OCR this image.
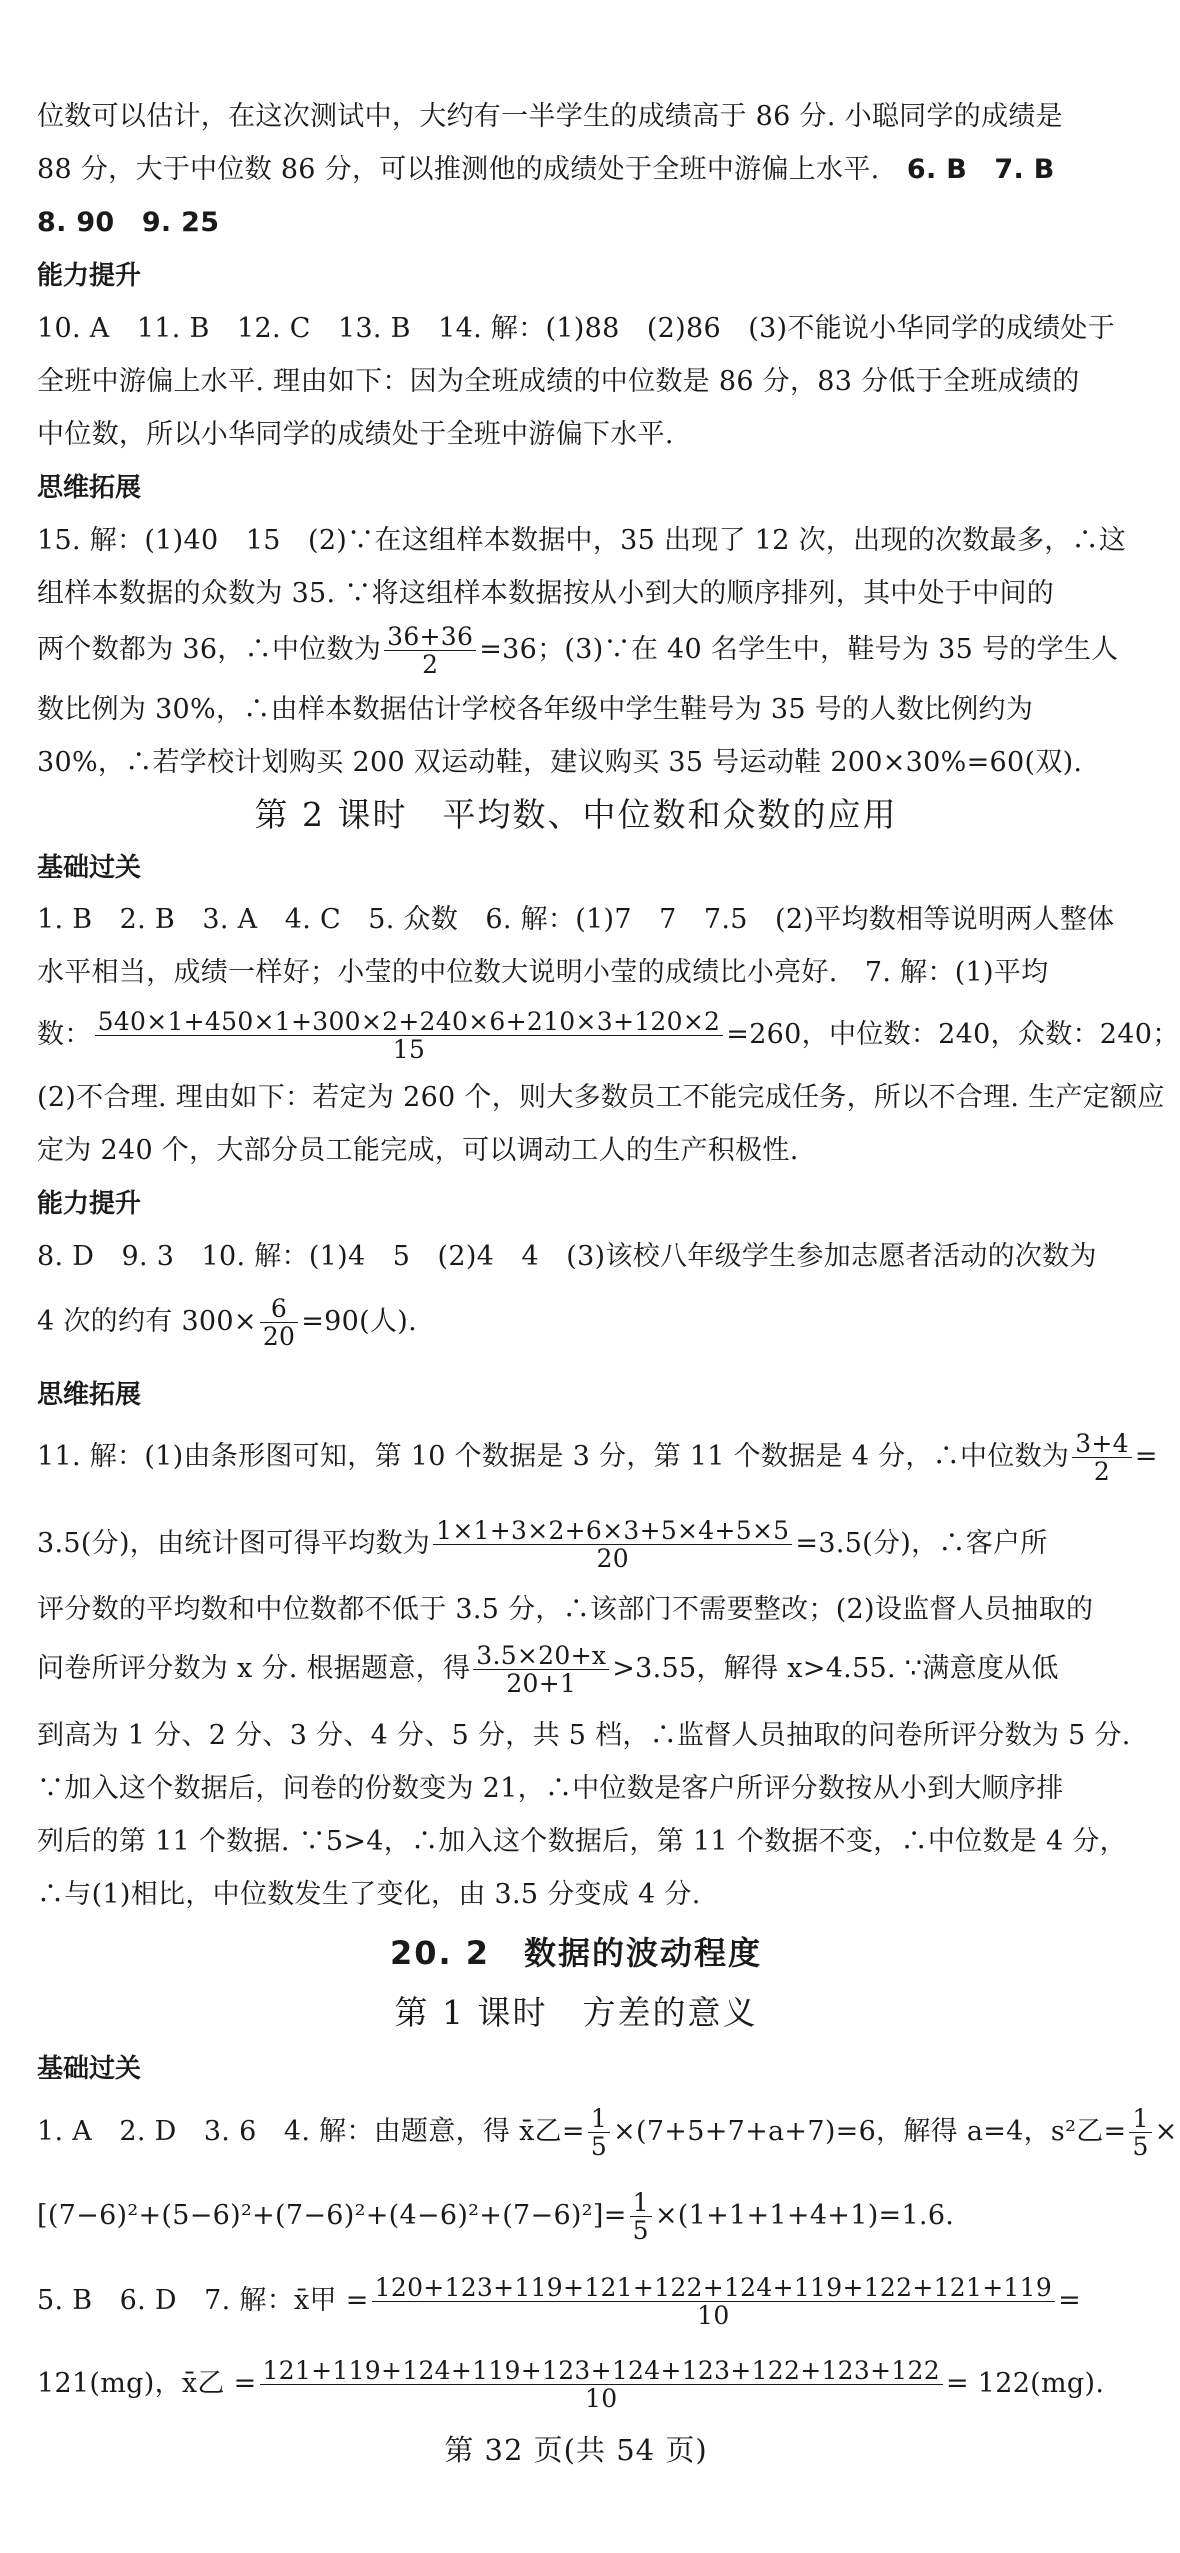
位数可以估计，在这次测试中，大约有一半学生的成绩高于 86 分. 小聪同学的成绩是
88 分，大于中位数 86 分，可以推测他的成绩处于全班中游偏上水平.　 6. B　7. B
8. 90　9. 25
能力提升
10. A　11. B　12. C　13. B　14. 解：(1)88　(2)86　(3)不能说小华同学的成绩处于
全班中游偏上水平. 理由如下：因为全班成绩的中位数是 86 分，83 分低于全班成绩的
中位数，所以小华同学的成绩处于全班中游偏下水平.
思维拓展
15. 解：(1)40　15　(2)∵在这组样本数据中，35 出现了 12 次，出现的次数最多，∴这
组样本数据的众数为 35. ∵将这组样本数据按从小到大的顺序排列，其中处于中间的
两个数都为 36，∴中位数为 $\frac{36+36}{2} =36$；(3)∵在 40 名学生中，鞋号为 35 号的学生人
数比例为 30%，∴由样本数据估计学校各年级中学生鞋号为 35 号的人数比例约为
30%，∴若学校计划购买 200 双运动鞋，建议购买 35 号运动鞋 200×30%=60(双).
第 2 课时　平均数、中位数和众数的应用
基础过关
1. B　2. B　3. A　4. C　5. 众数　6. 解：(1)7　7　7.5　(2)平均数相等说明两人整体
水平相当，成绩一样好；小莹的中位数大说明小莹的成绩比小亮好.　7. 解：(1)平均
数： $\frac{540\times 1+450\times 1+300\times 2+240\times 6+210\times 3+120\times 2}{15} =260$，中位数：240，众数：240；
(2)不合理. 理由如下：若定为 260 个，则大多数员工不能完成任务，所以不合理. 生产定额应
定为 240 个，大部分员工能完成，可以调动工人的生产积极性.
能力提升
8. D　9. 3　10. 解：(1)4　5　(2)4　4　(3)该校八年级学生参加志愿者活动的次数为
4 次的约有 $300\times \frac{6}{20} =90$(人).
思维拓展
11. 解：(1)由条形图可知，第 10 个数据是 3 分，第 11 个数据是 4 分，∴中位数为 $\frac{3+4}{2}$ =
3.5(分)，由统计图可得平均数为 $\frac{1\times 1+3\times 2+6\times 3+5\times 4+5\times 5}{20} =3.5$(分)，∴客户所
评分数的平均数和中位数都不低于 3.5 分，∴该部门不需要整改；(2)设监督人员抽取的
问卷所评分数为 x 分. 根据题意，得 $\frac{3.5\times 20+x}{20+1} >3.55$，解得 x>4.55. ∵满意度从低
到高为 1 分、2 分、3 分、4 分、5 分，共 5 档，∴监督人员抽取的问卷所评分数为 5 分.
∵加入这个数据后，问卷的份数变为 21，∴中位数是客户所评分数按从小到大顺序排
列后的第 11 个数据. ∵5>4，∴加入这个数据后，第 11 个数据不变，∴中位数是 4 分，
∴与(1)相比，中位数发生了变化，由 3.5 分变成 4 分.
20. 2　数据的波动程度
第 1 课时　方差的意义
基础过关
1. A　2. D　3. 6　4. 解：由题意，得 x̄乙= $\frac{1}{5} \times(7+5+7+a+7)=6$，解得 a=4，s²乙= $\frac{1}{5}$ ×
$[(7-6)^2+(5-6)^2+(7-6)^2+(4-6)^2+(7-6)^2]= \frac{1}{5} \times(1+1+1+4+1)=1.6$.
5. B　6. D　7. 解：x̄甲 = $\frac{120+123+119+121+122+124+119+122+121+119}{10}$ =
121(mg)，x̄乙 = $\frac{121+119+124+119+123+124+123+122+123+122}{10} = 122(mg)$.
第 32 页(共 54 页)
